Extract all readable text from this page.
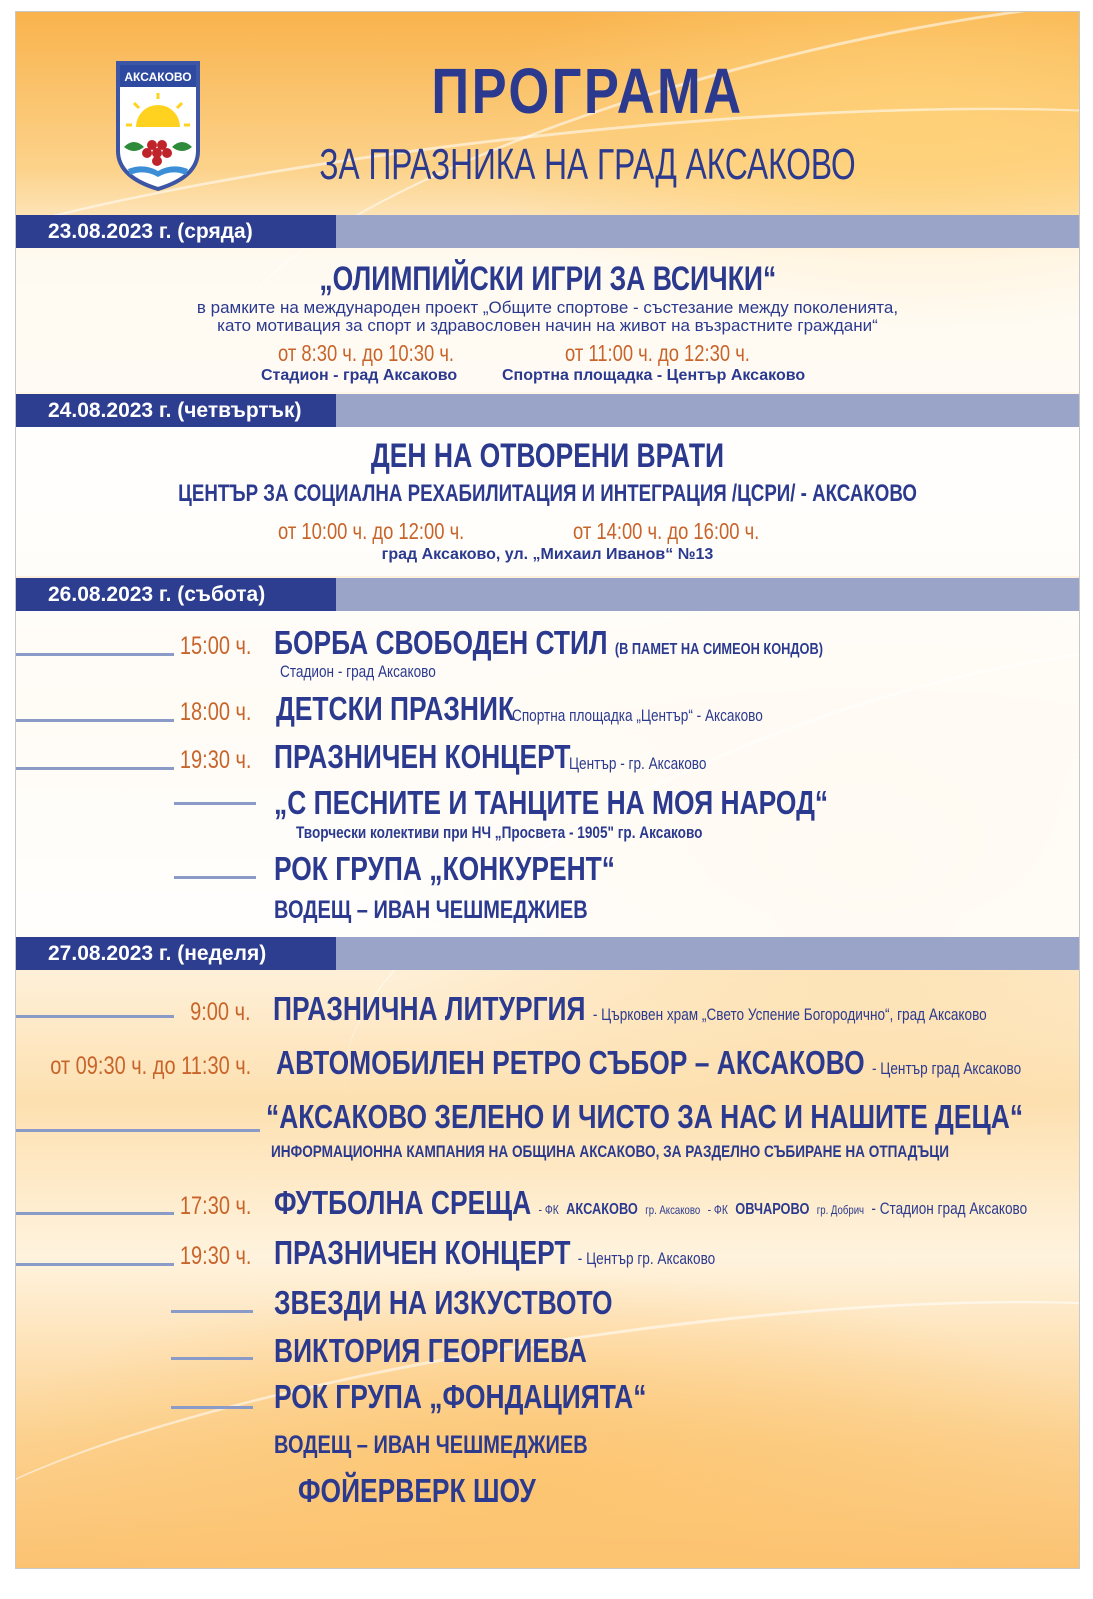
АКСАКОВО	ПРОГРАМА
ЗА ПРАЗНИКА НА ГРАД АКСАКОВО
23.08.2023 г. (сряда)
„ОЛИМПИЙСКИ ИГРИ ЗА ВСИЧКИ“
в рамките на международен проект „Общите спортове - състезание между поколенията,
като мотивация за спорт и здравословен начин на живот на възрастните граждани“
от 8:30 ч. до 10:30 ч.	от 11:00 ч. до 12:30 ч.
Стадион - град Аксаково	Спортна площадка - Център Аксаково
24.08.2023 г. (четвъртък)
ДЕН НА ОТВОРЕНИ ВРАТИ
ЦЕНТЪР ЗА СОЦИАЛНА РЕХАБИЛИТАЦИЯ И ИНТЕГРАЦИЯ /ЦСРИ/ - АКСАКОВО
от 10:00 ч. до 12:00 ч.	от 14:00 ч. до 16:00 ч.
град Аксаково, ул. „Михаил Иванов“ №13
26.08.2023 г. (събота)
15:00 ч. БОРБА СВОБОДЕН СТИЛ (В ПАМЕТ НА СИМЕОН КОНДОВ)
Стадион - град Аксаково
18:00 ч. ДЕТСКИ ПРАЗНИК
Спортна площадка „Център“ - Аксаково
19:30 ч. ПРАЗНИЧЕН КОНЦЕРТ
Център - гр. Аксаково
„С ПЕСНИТЕ И ТАНЦИТЕ НА МОЯ НАРОД“
Творчески колективи при НЧ „Просвета - 1905" гр. Аксаково
РОК ГРУПА „КОНКУРЕНТ“
ВОДЕЩ – ИВАН ЧЕШМЕДЖИЕВ
27.08.2023 г. (неделя)
9:00 ч. ПРАЗНИЧНА ЛИТУРГИЯ - Църковен храм „Свето Успение Богородично“, град Аксаково
от 09:30 ч. до 11:30 ч. АВТОМОБИЛЕН РЕТРО СЪБОР – АКСАКОВО - Център град Аксаково
“АКСАКОВО ЗЕЛЕНО И ЧИСТО ЗА НАС И НАШИТЕ ДЕЦА“
ИНФОРМАЦИОННА КАМПАНИЯ НА ОБЩИНА АКСАКОВО, ЗА РАЗДЕЛНО СЪБИРАНЕ НА ОТПАДЪЦИ
17:30 ч. ФУТБОЛНА СРЕЩА - ФК АКСАКОВО гр. Аксаково - ФК ОВЧАРОВО гр. Добрич - Стадион град Аксаково
19:30 ч. ПРАЗНИЧЕН КОНЦЕРТ - Център гр. Аксаково
ЗВЕЗДИ НА ИЗКУСТВОТО
ВИКТОРИЯ ГЕОРГИЕВА
РОК ГРУПА „ФОНДАЦИЯТА“
ВОДЕЩ – ИВАН ЧЕШМЕДЖИЕВ
ФОЙЕРВЕРК ШОУ
